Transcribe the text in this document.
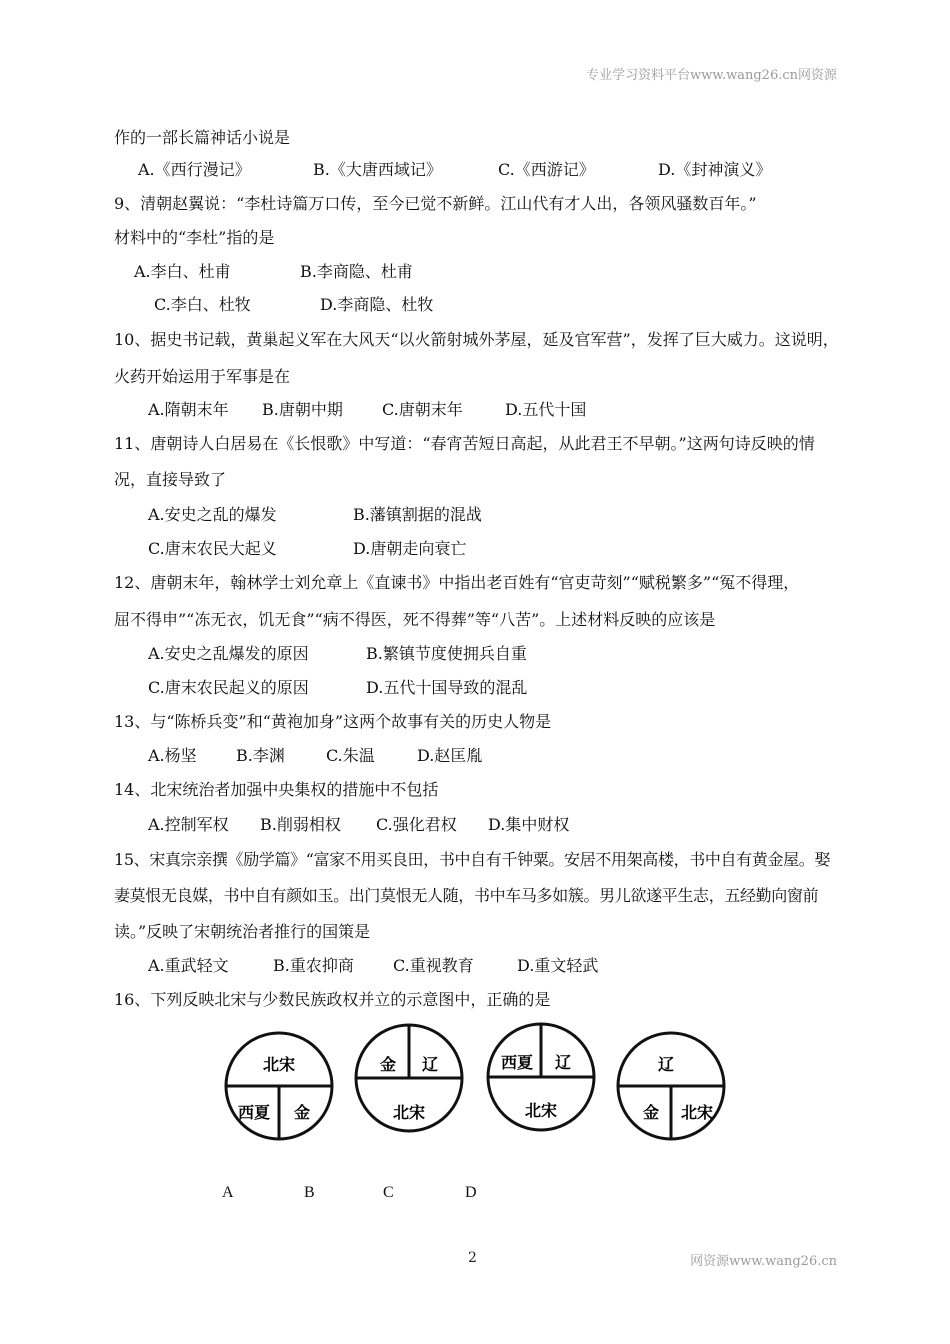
专业学习资料平台www.wang26.cn网资源
作的一部长篇神话小说是
A.《西行漫记》	B.《大唐西域记》	C.《西游记》	D.《封神演义》
9、清朝赵翼说：“李杜诗篇万口传，至今已觉不新鲜。江山代有才人出，各领风骚数百年。”
材料中的“李杜”指的是
A.李白、杜甫	B.李商隐、杜甫
C.李白、杜牧	D.李商隐、杜牧
10、据史书记载，黄巢起义军在大风天“以火箭射城外茅屋，延及官军营”，发挥了巨大威力。这说明，
火药开始运用于军事是在
A.隋朝末年 B.唐朝中期 C.唐朝末年	D.五代十国
11、唐朝诗人白居易在《长恨歌》中写道：“春宵苦短日高起，从此君王不早朝。”这两句诗反映的情
况，直接导致了
A.安史之乱的爆发	B.藩镇割据的混战
C.唐末农民大起义	D.唐朝走向衰亡
12、唐朝末年，翰林学士刘允章上《直谏书》中指出老百姓有“官吏苛刻”“赋税繁多”“冤不得理，
屈不得申”“冻无衣，饥无食”“病不得医，死不得葬”等“八苦”。上述材料反映的应该是
A.安史之乱爆发的原因	B.繁镇节度使拥兵自重
C.唐末农民起义的原因	D.五代十国导致的混乱
13、与“陈桥兵变”和“黄袍加身”这两个故事有关的历史人物是
A.杨坚 B.李渊	C.朱温	D.赵匡胤
14、北宋统治者加强中央集权的措施中不包括
A.控制军权 B.削弱相权 C.强化君权 D.集中财权
15、宋真宗亲撰《励学篇》“富家不用买良田，书中自有千钟粟。安居不用架高楼，书中自有黄金屋。娶
妻莫恨无良媒，书中自有颜如玉。出门莫恨无人随，书中车马多如簇。男儿欲遂平生志，五经勤向窗前
读。”反映了宋朝统治者推行的国策是
A.重武轻文	B.重农抑商 C.重视教育	D.重文轻武
16、下列反映北宋与少数民族政权并立的示意图中，正确的是
北宋
西夏 金
金 辽
北宋
西夏 辽
北宋
辽
金 北宋
A	B	C	D
2	网资源www.wang26.cn
